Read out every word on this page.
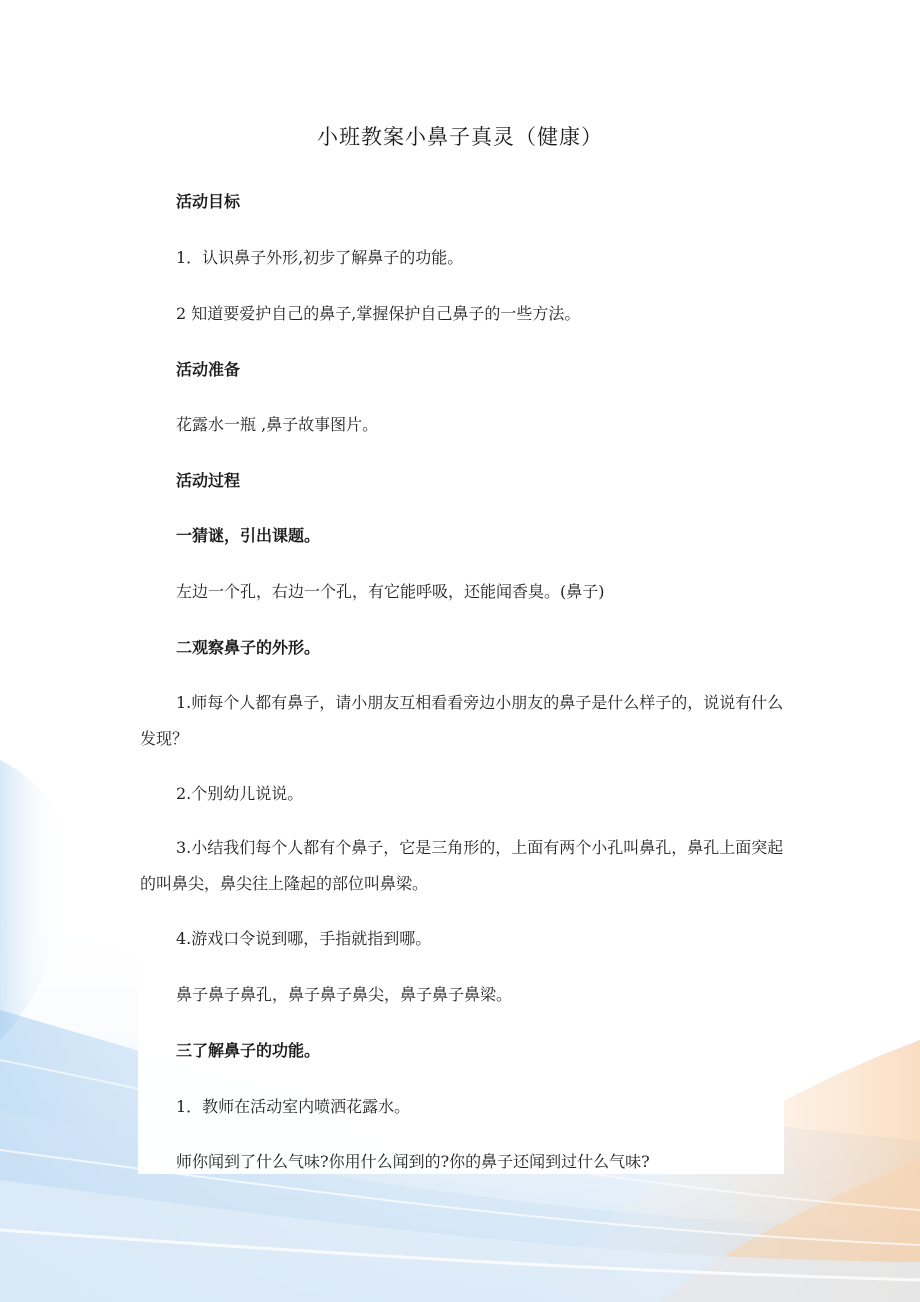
小班教案小鼻子真灵（健康）

活动目标

1．认识鼻子外形,初步了解鼻子的功能。

2 知道要爱护自己的鼻子,掌握保护自己鼻子的一些方法。

活动准备

花露水一瓶 ,鼻子故事图片。

活动过程

一猜谜，引出课题。

左边一个孔，右边一个孔，有它能呼吸，还能闻香臭。(鼻子)

二观察鼻子的外形。

1.师每个人都有鼻子，请小朋友互相看看旁边小朋友的鼻子是什么样子的，说说有什么发现？

2.个别幼儿说说。

3.小结我们每个人都有个鼻子，它是三角形的，上面有两个小孔叫鼻孔，鼻孔上面突起的叫鼻尖，鼻尖往上隆起的部位叫鼻梁。

4.游戏口令说到哪，手指就指到哪。

鼻子鼻子鼻孔，鼻子鼻子鼻尖，鼻子鼻子鼻梁。

三了解鼻子的功能。

1．教师在活动室内喷洒花露水。

师你闻到了什么气味?你用什么闻到的?你的鼻子还闻到过什么气味?
